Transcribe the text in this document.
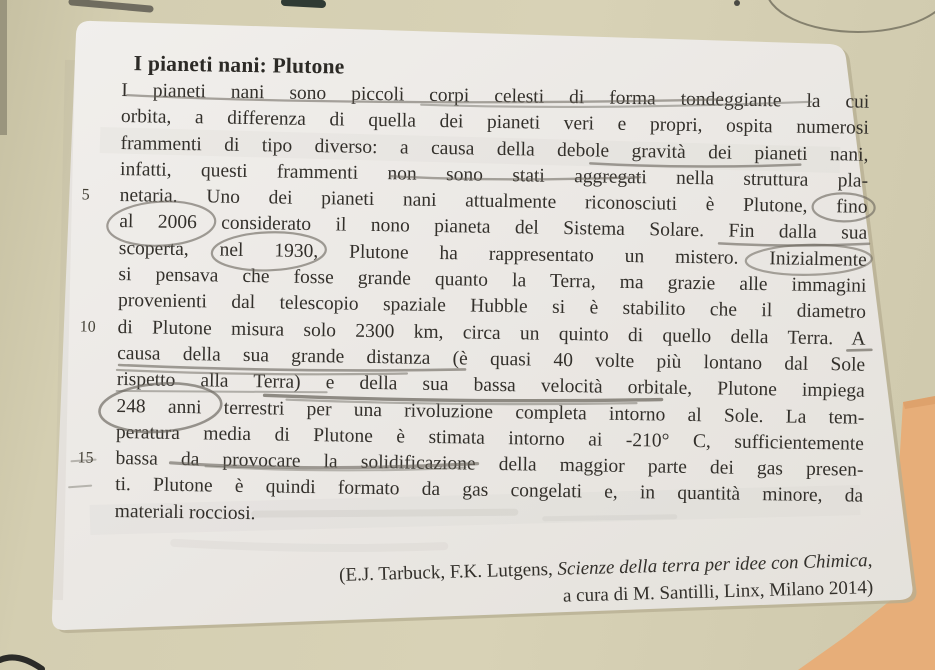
I pianeti nani: Plutone
I pianeti nani sono piccoli corpi celesti di forma tondeggiante la cui
orbita, a differenza di quella dei pianeti veri e propri, ospita numerosi
frammenti di tipo diverso: a causa della debole gravità dei pianeti nani,
infatti, questi frammenti non sono stati aggregati nella struttura pla-
5	netaria. Uno dei pianeti nani attualmente riconosciuti è Plutone, fino
al 2006 considerato il nono pianeta del Sistema Solare. Fin dalla sua
scoperta, nel 1930, Plutone ha rappresentato un mistero. Inizialmente
si pensava che fosse grande quanto la Terra, ma grazie alle immagini
provenienti dal telescopio spaziale Hubble si è stabilito che il diametro
10	di Plutone misura solo 2300 km, circa un quinto di quello della Terra. A
causa della sua grande distanza (è quasi 40 volte più lontano dal Sole
rispetto alla Terra) e della sua bassa velocità orbitale, Plutone impiega
248 anni terrestri per una rivoluzione completa intorno al Sole. La tem-
peratura media di Plutone è stimata intorno ai -210° C, sufficientemente
15	bassa da provocare la solidificazione della maggior parte dei gas presen-
ti. Plutone è quindi formato da gas congelati e, in quantità minore, da
materiali rocciosi.
(E.J. Tarbuck, F.K. Lutgens, Scienze della terra per idee con Chimica,
a cura di M. Santilli, Linx, Milano 2014)
